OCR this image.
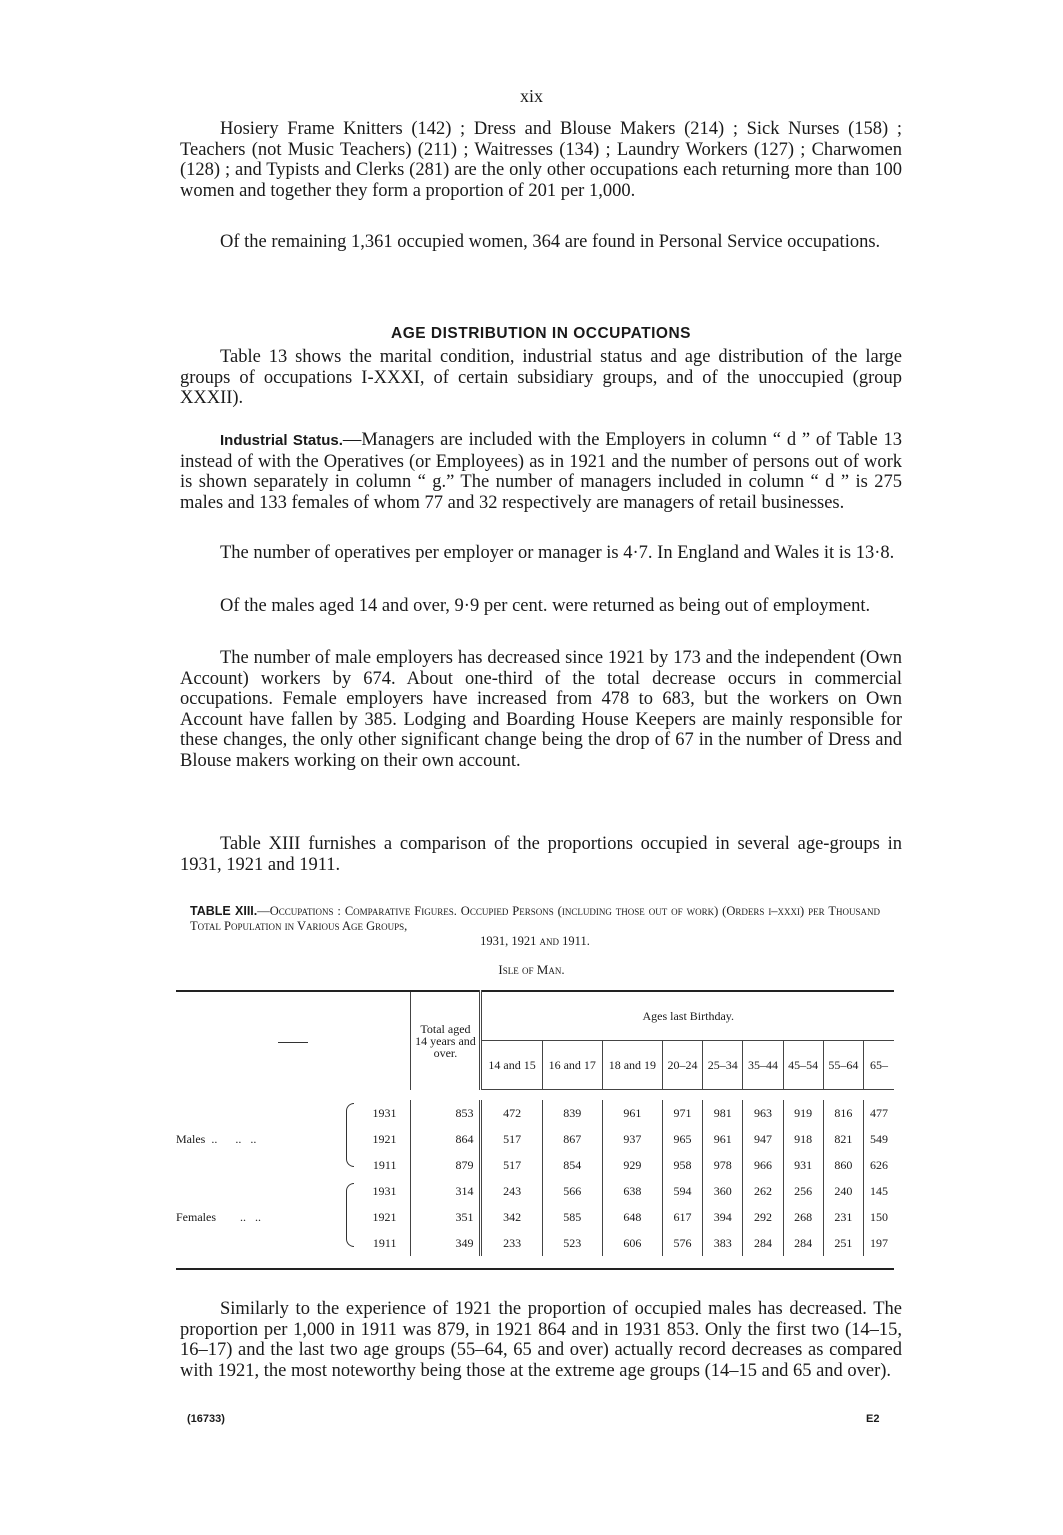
xix

Hosiery Frame Knitters (142) ; Dress and Blouse Makers (214) ; Sick Nurses (158) ; Teachers (not Music Teachers) (211) ; Waitresses (134) ; Laundry Workers (127) ; Charwomen (128) ; and Typists and Clerks (281) are the only other occupations each returning more than 100 women and together they form a proportion of 201 per 1,000.

Of the remaining 1,361 occupied women, 364 are found in Personal Service occupations.

AGE DISTRIBUTION IN OCCUPATIONS

Table 13 shows the marital condition, industrial status and age distribution of the large groups of occupations I-XXXI, of certain subsidiary groups, and of the unoccupied (group XXXII).

Industrial Status.—Managers are included with the Employers in column “ d ” of Table 13 instead of with the Operatives (or Employees) as in 1921 and the number of persons out of work is shown separately in column “ g.” The number of managers included in column “ d ” is 275 males and 133 females of whom 77 and 32 respectively are managers of retail businesses.

The number of operatives per employer or manager is 4·7. In England and Wales it is 13·8.

Of the males aged 14 and over, 9·9 per cent. were returned as being out of employment.

The number of male employers has decreased since 1921 by 173 and the independent (Own Account) workers by 674. About one-third of the total decrease occurs in commercial occupations. Female employers have increased from 478 to 683, but the workers on Own Account have fallen by 385. Lodging and Boarding House Keepers are mainly responsible for these changes, the only other significant change being the drop of 67 in the number of Dress and Blouse makers working on their own account.

Table XIII furnishes a comparison of the proportions occupied in several age-groups in 1931, 1921 and 1911.

TABLE XIII.—Occupations : Comparative Figures. Occupied Persons (including those out of work) (Orders i–xxxi) per Thousand Total Population in Various Age Groups,
1931, 1921 and 1911.
Isle of Man.
		Total aged 14 years and over.	Ages last Birthday.								
			14 and 15	16 and 17	18 and 19	20–24	25–34	35–44	45–54	55–64	65–

Males  ..      ..   ..	1931	853	472	839	961	971	981	963	919	816	477
	1921	864	517	867	937	965	961	947	918	821	549
	1911	879	517	854	929	958	978	966	931	860	626
Females        ..   ..	1931	314	243	566	638	594	360	262	256	240	145
	1921	351	342	585	648	617	394	292	268	231	150
	1911	349	233	523	606	576	383	284	284	251	197

Similarly to the experience of 1921 the proportion of occupied males has decreased. The proportion per 1,000 in 1911 was 879, in 1921 864 and in 1931 853. Only the first two (14–15, 16–17) and the last two age groups (55–64, 65 and over) actually record decreases as compared with 1921, the most noteworthy being those at the extreme age groups (14–15 and 65 and over).

(16733)	E2
